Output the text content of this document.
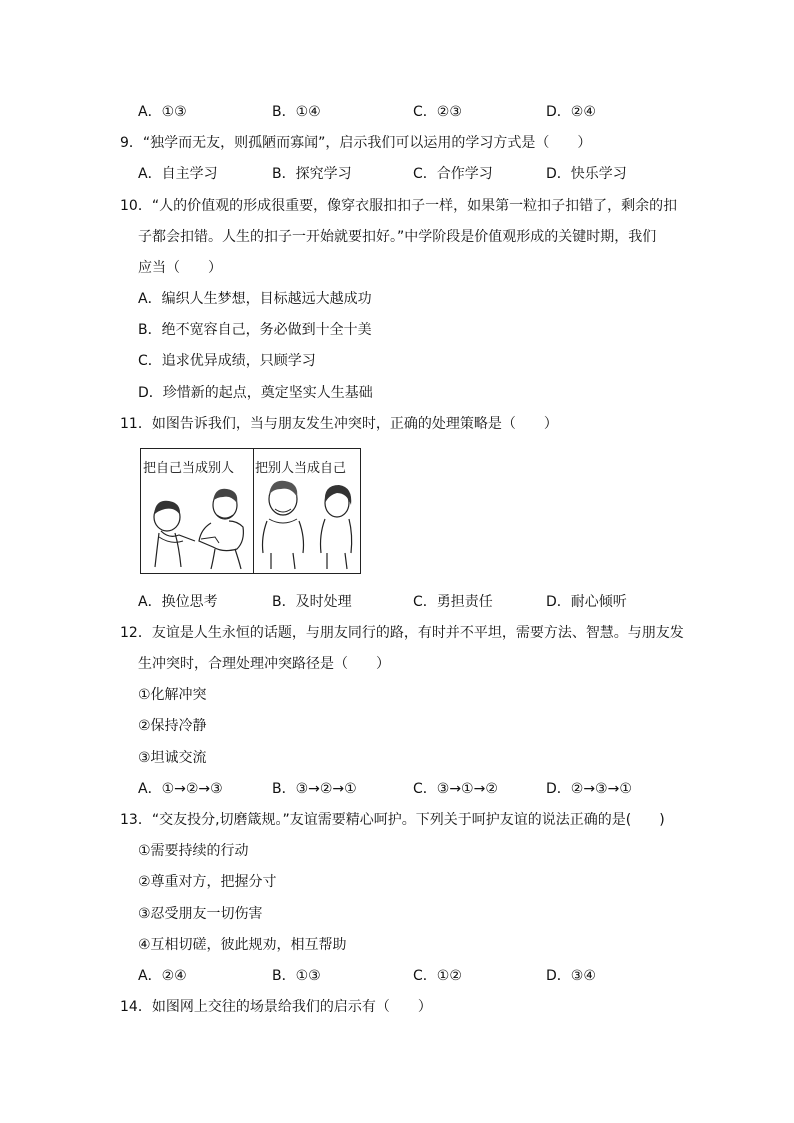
A．①③	B．①④	C．②③	D．②④
9．“独学而无友，则孤陋而寡闻”，启示我们可以运用的学习方式是（　　）
A．自主学习	B．探究学习	C．合作学习	D．快乐学习
10．“人的价值观的形成很重要，像穿衣服扣扣子一样，如果第一粒扣子扣错了，剩余的扣
子都会扣错。人生的扣子一开始就要扣好。”中学阶段是价值观形成的关键时期，我们
应当（　　）
A．编织人生梦想，目标越远大越成功
B．绝不宽容自己，务必做到十全十美
C．追求优异成绩，只顾学习
D．珍惜新的起点，奠定坚实人生基础
11．如图告诉我们，当与朋友发生冲突时，正确的处理策略是（　　）
把自己当成别人 把别人当成自己
A．换位思考	B．及时处理	C．勇担责任	D．耐心倾听
12．友谊是人生永恒的话题，与朋友同行的路，有时并不平坦，需要方法、智慧。与朋友发
生冲突时，合理处理冲突路径是（　　）
①化解冲突
②保持冷静
③坦诚交流
A．①→②→③	B．③→②→①	C．③→①→②	D．②→③→①
13．“交友投分,切磨箴规。”友谊需要精心呵护。下列关于呵护友谊的说法正确的是(　　)
①需要持续的行动
②尊重对方，把握分寸
③忍受朋友一切伤害
④互相切磋，彼此规劝，相互帮助
A．②④	B．①③	C．①②	D．③④
14．如图网上交往的场景给我们的启示有（　　）
